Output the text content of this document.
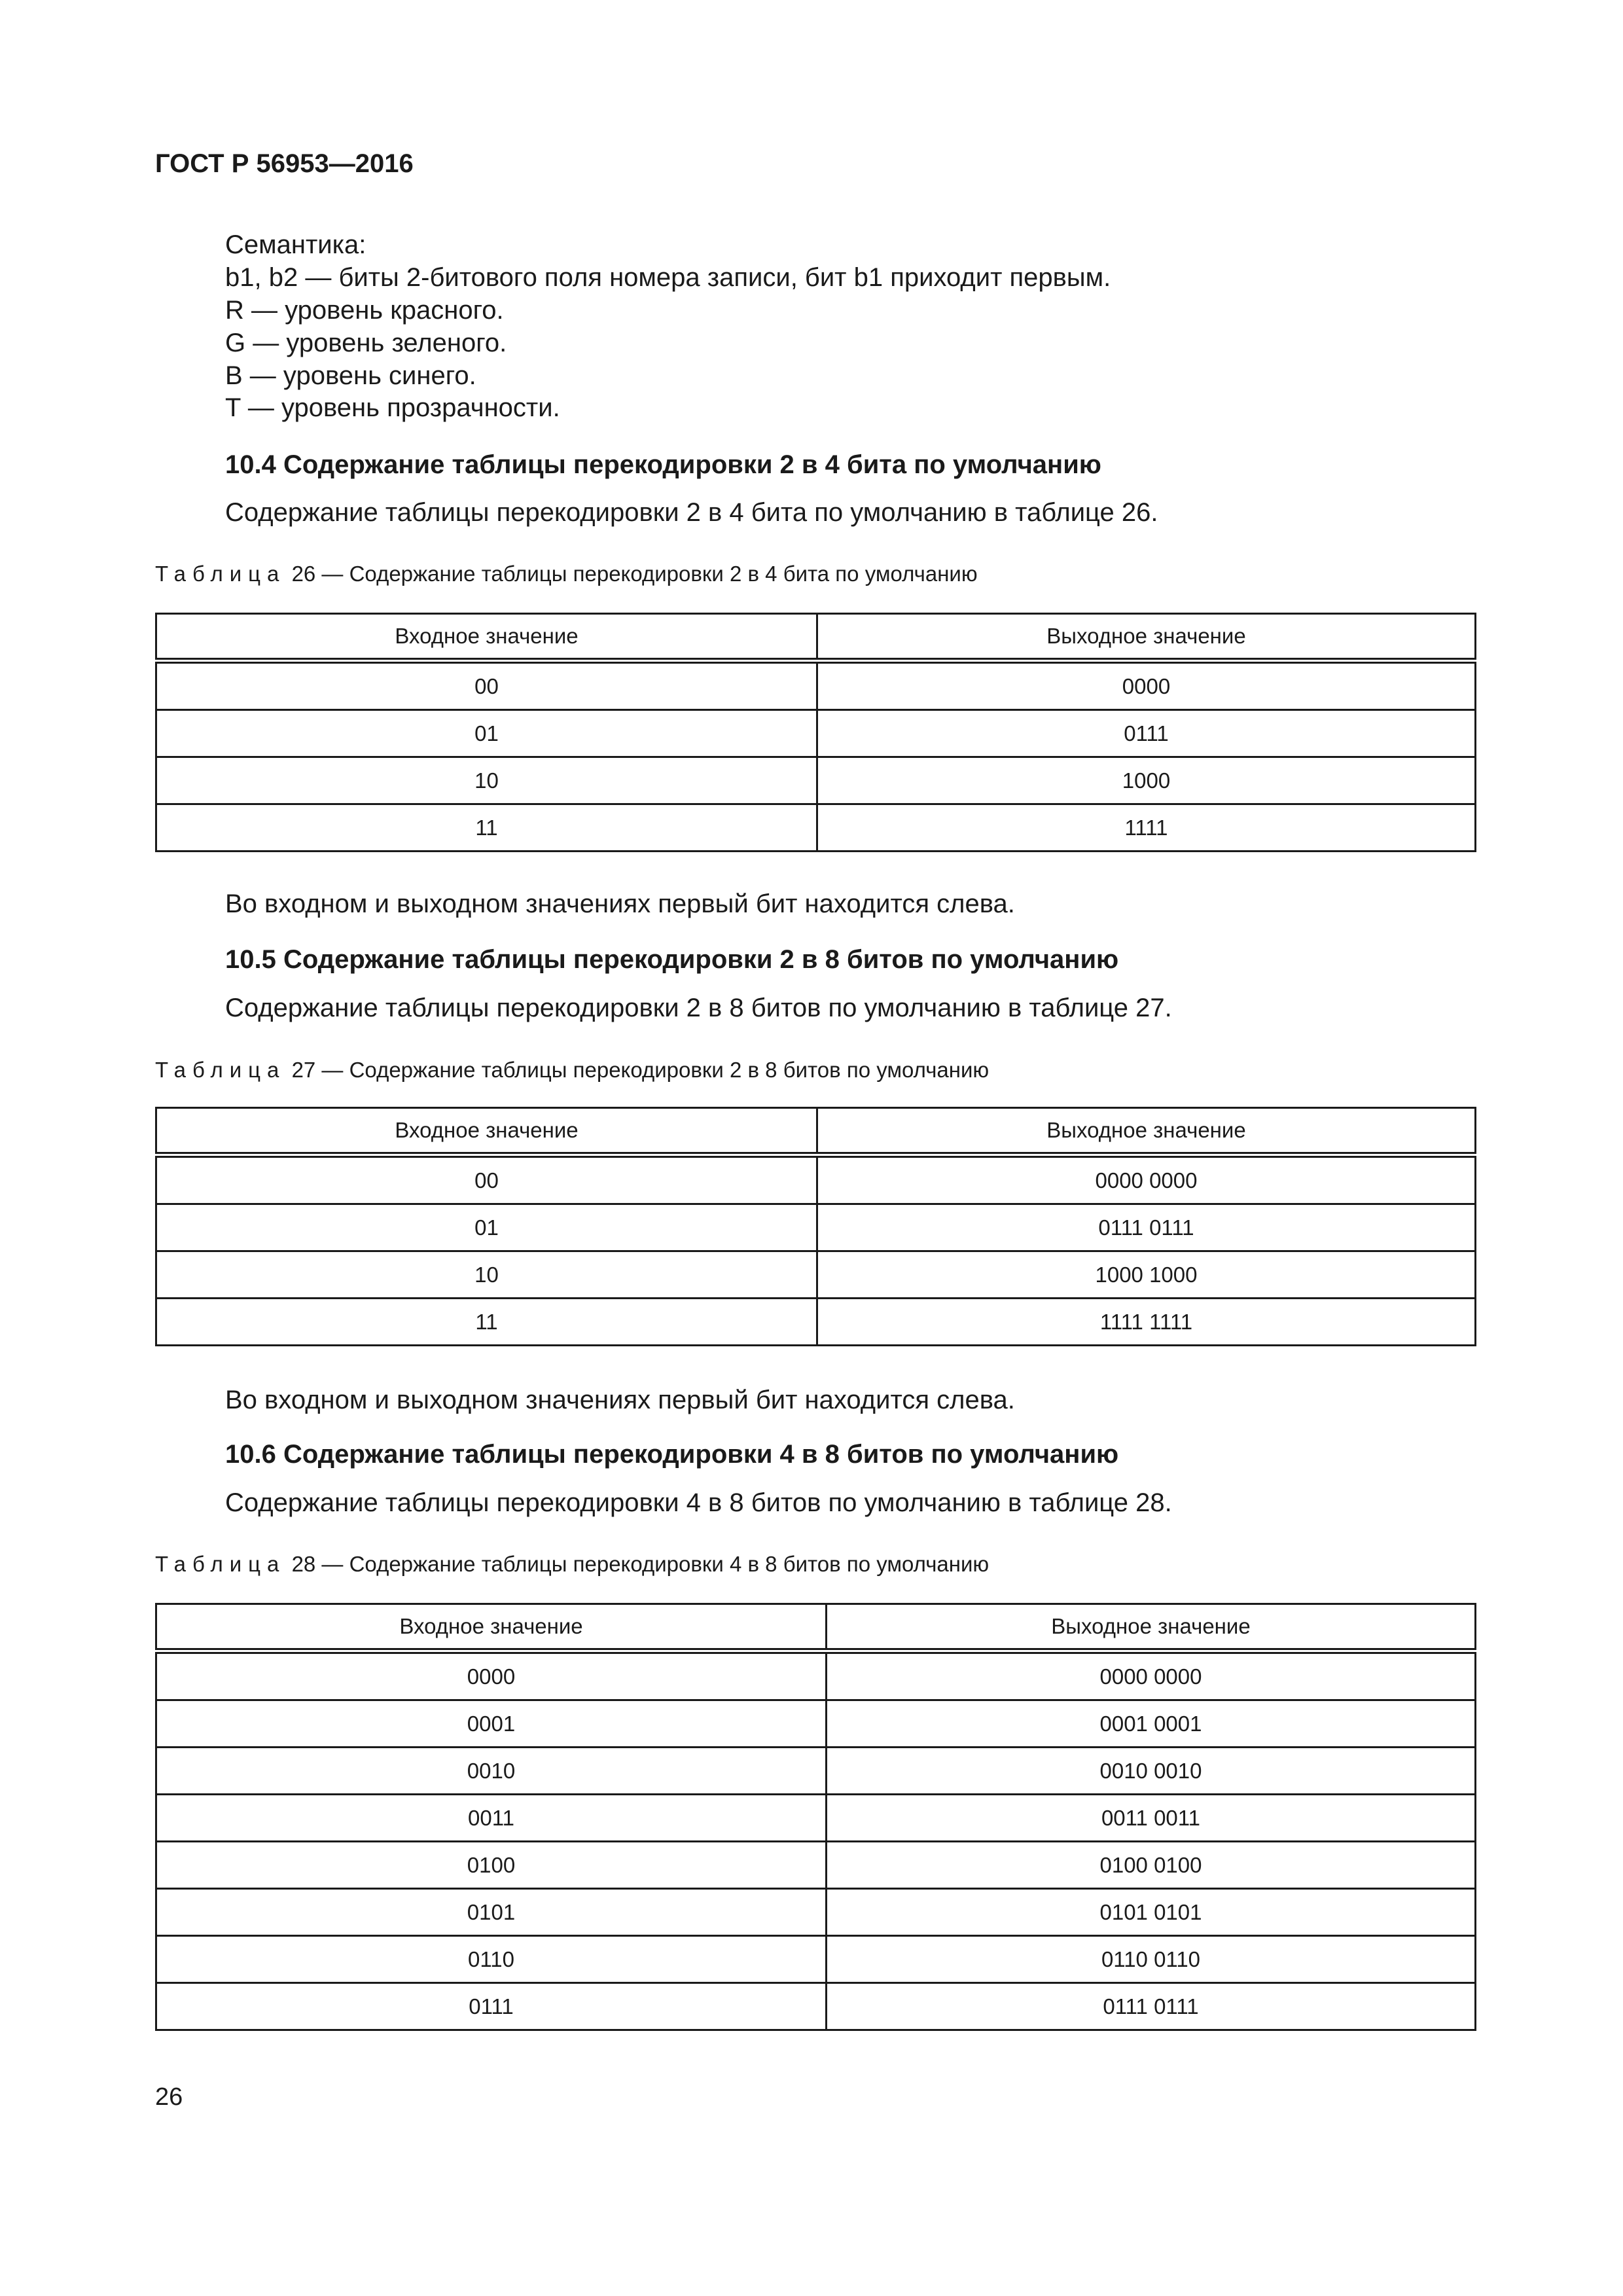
ГОСТ Р 56953—2016
Семантика:
b1, b2 — биты 2-битового поля номера записи, бит b1 приходит первым.
R — уровень красного.
G — уровень зеленого.
B — уровень синего.
T — уровень прозрачности.
10.4 Содержание таблицы перекодировки 2 в 4 бита по умолчанию
Содержание таблицы перекодировки 2 в 4 бита по умолчанию в таблице 26.
Таблица 26 — Содержание таблицы перекодировки 2 в 4 бита по умолчанию
Входное значение	Выходное значение
00	0000
01	0111
10	1000
11	1111
Во входном и выходном значениях первый бит находится слева.
10.5 Содержание таблицы перекодировки 2 в 8 битов по умолчанию
Содержание таблицы перекодировки 2 в 8 битов по умолчанию в таблице 27.
Таблица 27 — Содержание таблицы перекодировки 2 в 8 битов по умолчанию
Входное значение	Выходное значение
00	0000 0000
01	0111 0111
10	1000 1000
11	1111 1111
Во входном и выходном значениях первый бит находится слева.
10.6 Содержание таблицы перекодировки 4 в 8 битов по умолчанию
Содержание таблицы перекодировки 4 в 8 битов по умолчанию в таблице 28.
Таблица 28 — Содержание таблицы перекодировки 4 в 8 битов по умолчанию
Входное значение	Выходное значение
0000	0000 0000
0001	0001 0001
0010	0010 0010
0011	0011 0011
0100	0100 0100
0101	0101 0101
0110	0110 0110
0111	0111 0111
26
